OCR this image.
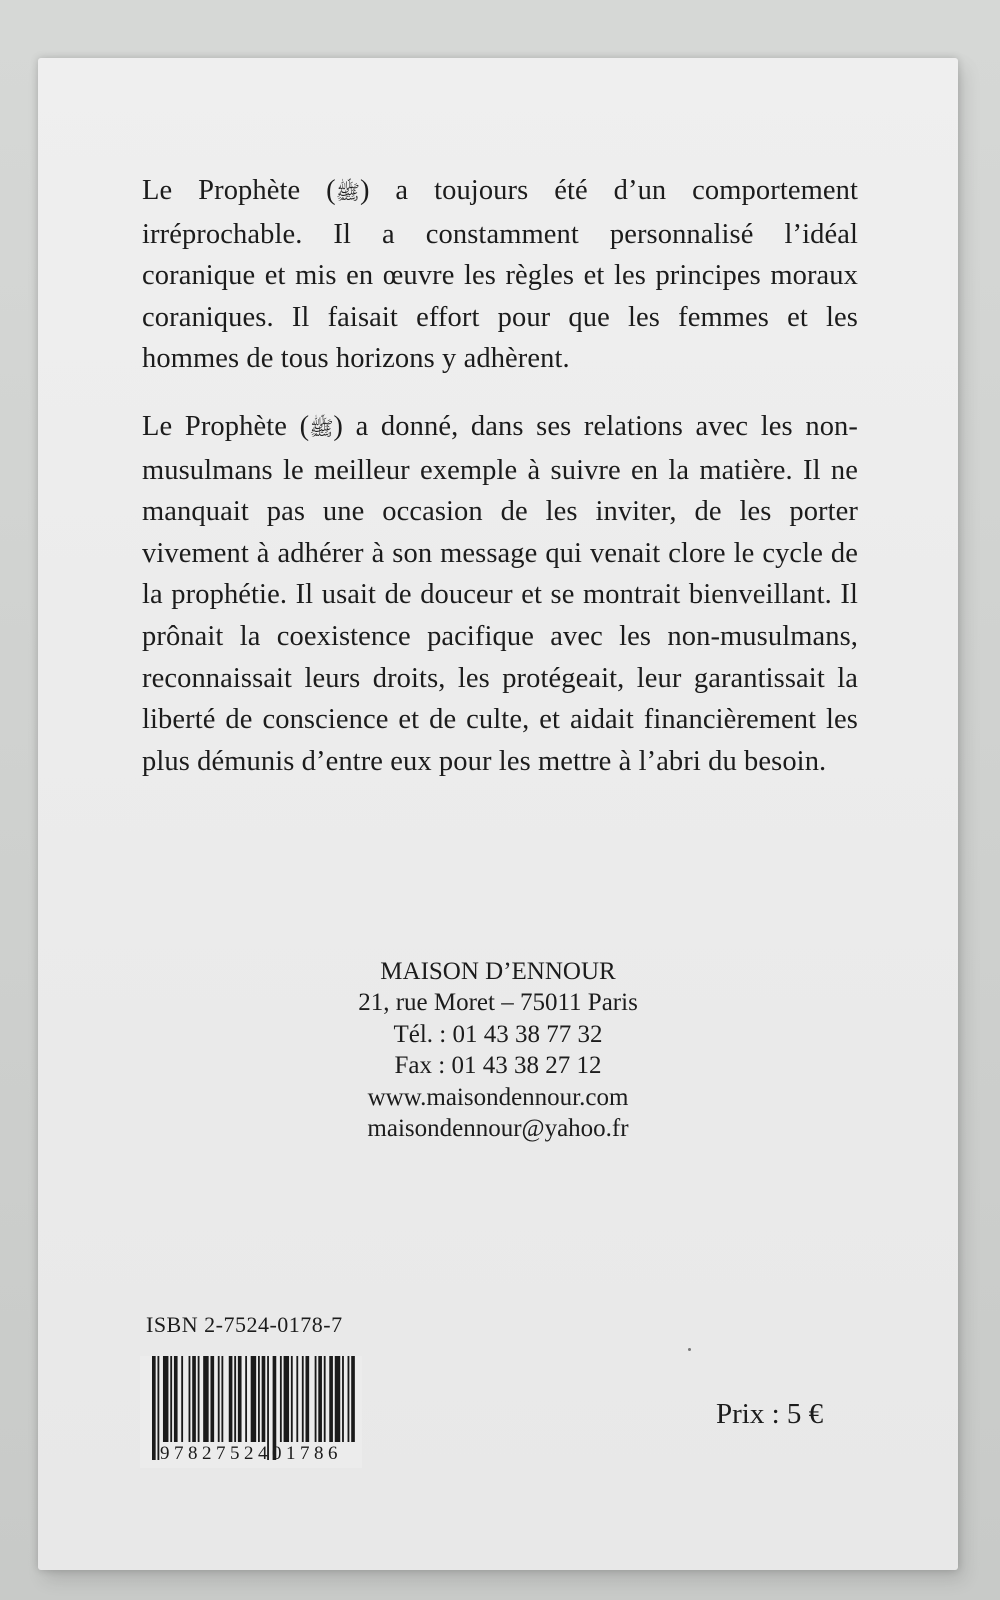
Le Prophète (ﷺ) a toujours été d’un comportement irréprochable. Il a constamment personnalisé l’idéal coranique et mis en œuvre les règles et les principes moraux coraniques. Il faisait effort pour que les femmes et les hommes de tous horizons y adhèrent.

Le Prophète (ﷺ) a donné, dans ses relations avec les non-musulmans le meilleur exemple à suivre en la matière. Il ne manquait pas une occasion de les inviter, de les porter vivement à adhérer à son message qui venait clore le cycle de la prophétie. Il usait de douceur et se montrait bienveillant. Il prônait la coexistence pacifique avec les non-musulmans, reconnaissait leurs droits, les protégeait, leur garantissait la liberté de conscience et de culte, et aidait financièrement les plus démunis d’entre eux pour les mettre à l’abri du besoin.

MAISON D’ENNOUR
21, rue Moret – 75011 Paris
Tél. : 01 43 38 77 32
Fax : 01 43 38 27 12
www.maisondennour.com
maisondennour@yahoo.fr
ISBN 2-7524-0178-7
9782752401786
Prix : 5 €
